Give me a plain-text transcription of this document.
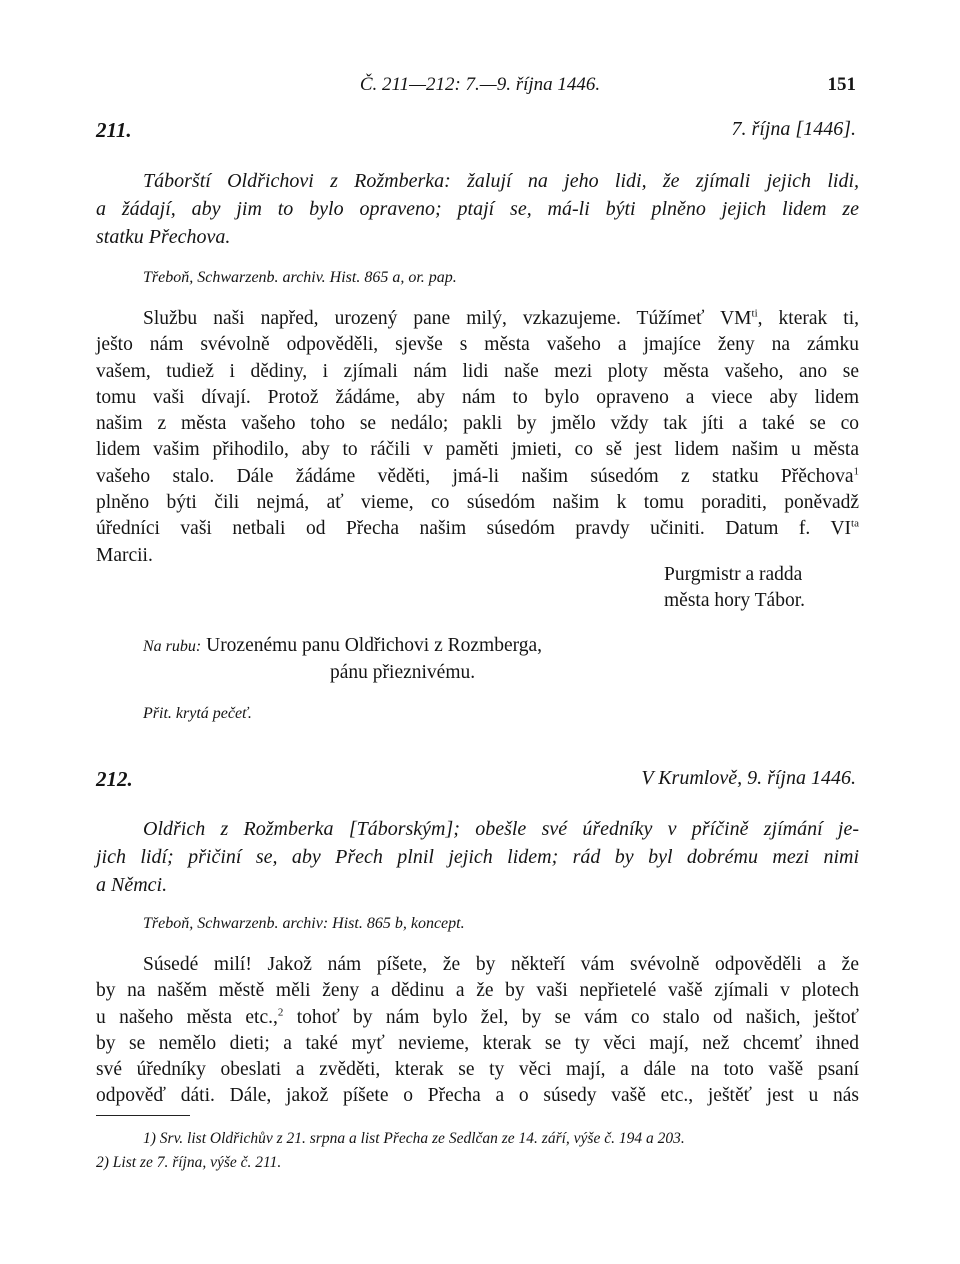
Č. 211—212: 7.—9. října 1446.	151
211.	7. října [1446].
Táborští Oldřichovi z Rožmberka: žalují na jeho lidi, že zjímali jejich lidi,
a žádají, aby jim to bylo opraveno; ptají se, má-li býti plněno jejich lidem ze
statku Přechova.
Třeboň, Schwarzenb. archiv. Hist. 865 a, or. pap.
Službu naši napřed, urozený pane milý, vzkazujeme. Túžímeť $VM^{ti}$, kterak ti,
ješto nám svévolně odpověděli, sjevše s města vašeho a jmajíce ženy na zámku
vašem, tudiež i dědiny, i zjímali nám lidi naše mezi ploty města vašeho, ano se
tomu vaši dívají. Protož žádáme, aby nám to bylo opraveno a viece aby lidem
našim z města vašeho toho se nedálo; pakli by jmělo vždy tak jíti a také se co
lidem vašim přihodilo, aby to ráčili v paměti jmieti, co sě jest lidem našim u města
vašeho stalo. Dále žádáme věděti, jmá-li našim súsedóm z statku Přěchova$^1$
plněno býti čili nejmá, ať vieme, co súsedóm našim k tomu poraditi, poněvadž
úředníci vaši netbali od Přecha našim súsedóm pravdy učiniti. Datum f. $VI^{ta}$
Marcii.
Purgmistr a radda
města hory Tábor.
Na rubu: Urozenému panu Oldřichovi z Rozmberga,
pánu přieznivému.
Přit. krytá pečeť.
212.	V Krumlově, 9. října 1446.
Oldřich z Rožmberka [Táborským]; obešle své úředníky v příčině zjímání je-
jich lidí; přičiní se, aby Přech plnil jejich lidem; rád by byl dobrému mezi nimi
a Němci.
Třeboň, Schwarzenb. archiv: Hist. 865 b, koncept.
Súsedé milí! Jakož nám píšete, že by někteří vám svévolně odpověděli a že
by na našěm městě měli ženy a dědinu a že by vaši nepřietelé vašě zjímali v plotech
u našeho města etc.,$^2$ tohoť by nám bylo žel, by se vám co stalo od našich, ještoť
by se nemělo dieti; a také myť nevieme, kterak se ty věci mají, než chcemť ihned
své úředníky obeslati a zvěděti, kterak se ty věci mají, a dále na toto vašě psaní
odpověď dáti. Dále, jakož píšete o Přecha a o súsedy vašě etc., ještěť jest u nás
1) Srv. list Oldřichův z 21. srpna a list Přecha ze Sedlčan ze 14. září, výše č. 194 a 203.
2) List ze 7. října, výše č. 211.
